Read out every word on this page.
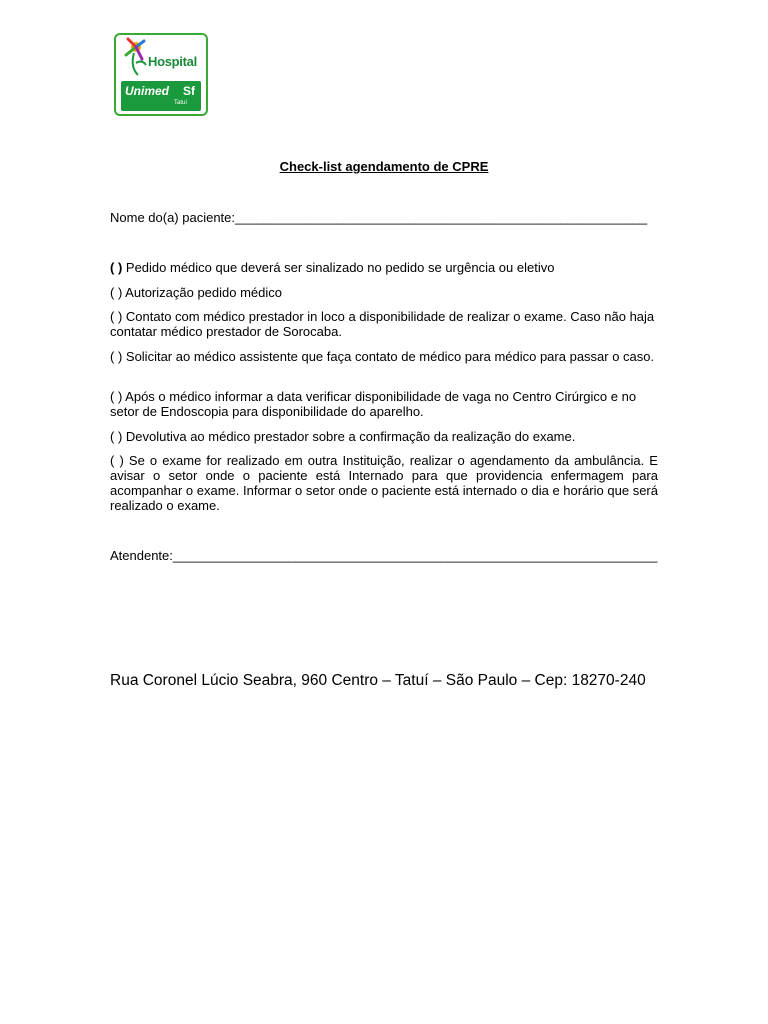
Hospital
Unimed Sf
Tatuí
Check-list agendamento de CPRE
Nome do(a) paciente:_________________________________________________________
( ) Pedido médico que deverá ser sinalizado no pedido se urgência ou eletivo
( ) Autorização pedido médico
( ) Contato com médico prestador in loco a disponibilidade de realizar o exame. Caso não haja contatar médico prestador de Sorocaba.
( ) Solicitar ao médico assistente que faça contato de médico para médico para passar o caso.
( ) Após o médico informar a data verificar disponibilidade de vaga no Centro Cirúrgico e no setor de Endoscopia para disponibilidade do aparelho.
( ) Devolutiva ao médico prestador sobre a confirmação da realização do exame.
( ) Se o exame for realizado em outra Instituição, realizar o agendamento da ambulância. E avisar o setor onde o paciente está Internado para que providencia enfermagem para acompanhar o exame. Informar o setor onde o paciente está internado o dia e horário que será realizado o exame.
Atendente:___________________________________________________________________
Rua Coronel Lúcio Seabra, 960 Centro – Tatuí – São Paulo – Cep: 18270-240
